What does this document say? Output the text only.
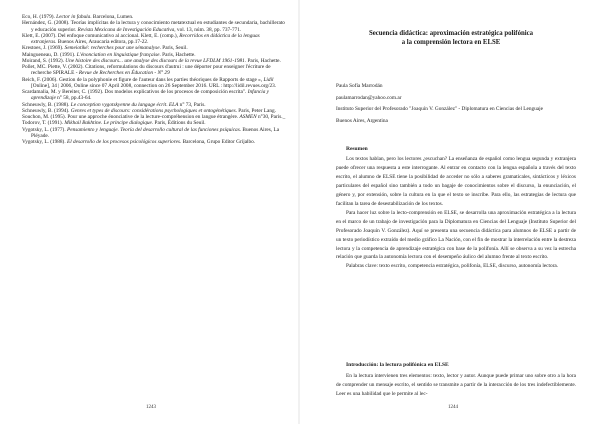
Eco, H. (1979). Lector in fabula. Barcelona, Lumen.
Hernández, G. (2008). Teorías implícitas de la lectura y conocimiento metatextual en estudiantes de secundaria, bachillerato y educación superior. Revista Mexicana de Investigación Educativa, vol. 13, núm. 38, pp. 737-771.
Klett, E. (2007). Del enfoque comunicativo al accional. Klett, E. (comp.), Recorridos en didáctica de la lenguas extranjeras. Buenos Aires, Araucaria editora, pp.17-22.
Krestoes, J. (1969). Semeiotiké: recherches pour une sémanalyse. Paris, Seuil.
Maingueneau, D. (1991). L'énonciation en linguistique française. Paris, Hachette.
Moirand, S. (1992). Une histoire des discours... une analyse des discours de la revue LFDLM 1961-1981. Paris, Hachette.
Pollet, MC. Piette, V. (2002). Citations, reformulations du discours d'autrui : une déporter pour enseigner l'écriture de recherche SPIRALE - Revue de Recherches en Éducation - N° 29
Reich, F. (2006). Gestion de la polyphonie et figure de l'auteur dans les parties théoriques de Rapports de stage », Lidil [Online], 34 | 2006, Online since 07 April 2008, connection on 26 September 2016. URL : http://lidil.revues.org/23.
Scardamalia, M. y Bereiter, C. (1992). Dos modelos explicativos de los procesos de composición escrita". Infancia y aprendizaje n° 58, pp.43-64.
Schneuwly, B. (1988). Le conception vygotskyenne du langage écrit. ELA n° 73, Paris.
Schneuwly, B. (1994). Genres et types de discours: considérations psychologiques et ontogénétiques. Paris, Peter Lang.
Souchon, M. (1995). Pour une approche énonciative de la lecture-compréhension en langue étrangère. ASMEN n°30, Paris._
Todorov, T. (1991). Mikhail Bakhtine. Le principe dialogique. Paris, Éditions du Seuil.
Vygotsky, L. (1977). Pensamiento y lenguaje. Teoría del desarrollo cultural de las funciones psíquicas. Buenos Aires, La Pléyade.
Vygotsky, L. (1988). El desarrollo de los procesos psicológicos superiores. Barcelona, Grupo Editor Grijalbo.
1243
Secuencia didáctica: aproximación estratégica polifónica
a la comprensión lectora en ELSE
Paula Sofía Marrodán
paulamarrodan@yahoo.com.ar
Instituto Superior del Profesorado "Joaquín V. González" - Diplomatura en Ciencias del Lenguaje
Buenos Aires, Argentina
Resumen

Los textos hablan, pero los lectores ¿escuchan? La enseñanza de español como lengua segunda y extranjera puede ofrecer una respuesta a este interrogante. Al entrar en contacto con la lengua española a través del texto escrito, el alumno de ELSE tiene la posibilidad de acceder no sólo a saberes gramaticales, sintácticos y léxicos particulares del español sino también a todo un bagaje de conocimientos sobre el discurso, la enunciación, el género y, por extensión, sobre la cultura en la que el texto se inscribe. Para ello, las estrategias de lectura que facilitan la tarea de desestabilización de los textos.

Para hacer luz sobre la lecto-comprensión en ELSE, se desarrolla una aproximación estratégica a la lectura en el marco de un trabajo de investigación para la Diplomatura en Ciencias del Lenguaje (Instituto Superior del Profesorado Joaquín V. González). Aquí se presenta una secuencia didáctica para alumnos de ELSE a partir de un texto periodístico extraído del medio gráfico La Nación, con el fin de mostrar la interrelación entre la destreza lectora y la competencia de aprendizaje estratégica con base de la polifonía. Allí se observa a su vez la estrecha relación que guarda la autonomía lectora con el desempeño áulico del alumno frente al texto escrito.

Palabras clave: texto escrito, competencia estratégica, polifonía, ELSE, discurso, autonomía lectora.

Introducción: la lectura polifónica en ELSE

En la lectura intervienen tres elementos: texto, lector y autor. Aunque puede primar uno sobre otro a la hora de comprender un mensaje escrito, el sentido se transmite a partir de la interacción de los tres indefectiblemente. Leer es una habilidad que le permite al lec-

1244
